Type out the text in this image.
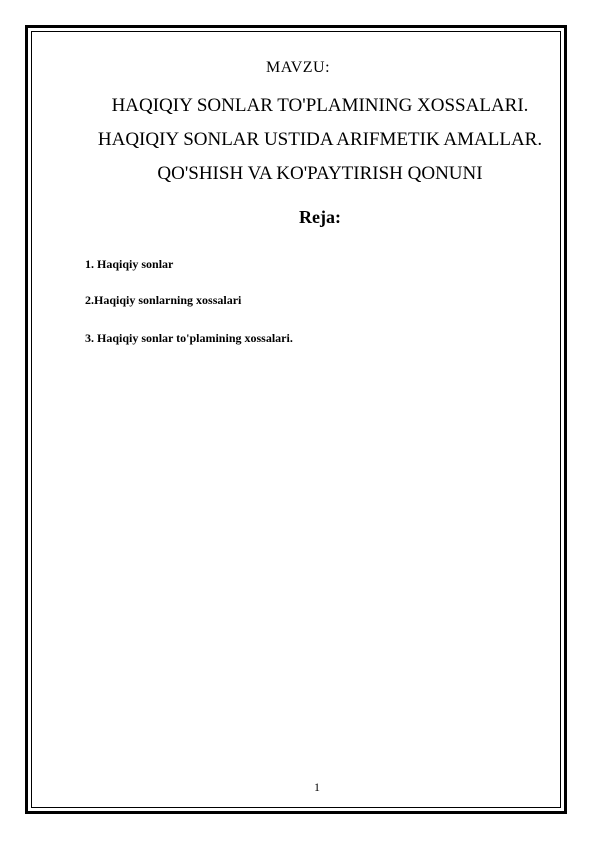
MAVZU:
HAQIQIY SONLAR TO'PLAMINING XOSSALARI.
HAQIQIY SONLAR USTIDA ARIFMETIK AMALLAR.
QO'SHISH VA KO'PAYTIRISH QONUNI
Reja:
1. Haqiqiy sonlar
2.Haqiqiy sonlarning xossalari
3. Haqiqiy sonlar to'plamining xossalari.
1
